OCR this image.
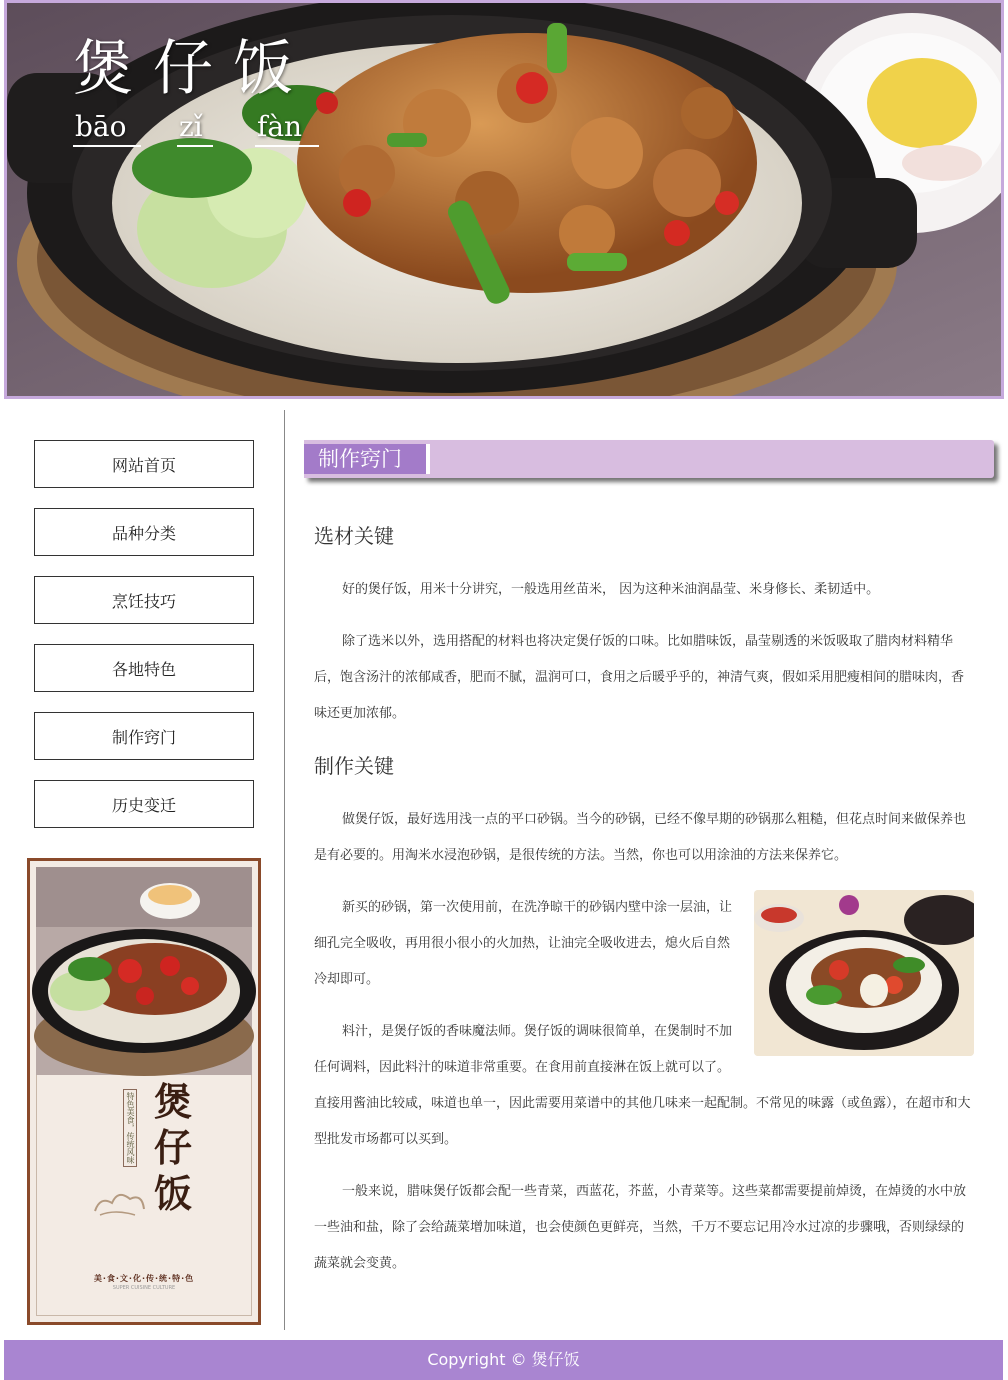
煲仔饭
bāo	zǐ	fàn
网站首页
品种分类
烹饪技巧
各地特色
制作窍门
历史变迁
特色美食，传统风味 煲仔饭
美·食·文·化·传·统·特·色
SUPER CUISINE CULTURE
制作窍门
选材关键

好的煲仔饭，用米十分讲究，一般选用丝苗米， 因为这种米油润晶莹、米身修长、柔韧适中。

除了选米以外，选用搭配的材料也将决定煲仔饭的口味。比如腊味饭，晶莹剔透的米饭吸取了腊肉材料精华后，饱含汤汁的浓郁咸香，肥而不腻，温润可口，食用之后暖乎乎的，神清气爽，假如采用肥瘦相间的腊味肉，香味还更加浓郁。

制作关键

做煲仔饭，最好选用浅一点的平口砂锅。当今的砂锅，已经不像早期的砂锅那么粗糙，但花点时间来做保养也是有必要的。用淘米水浸泡砂锅，是很传统的方法。当然，你也可以用涂油的方法来保养它。

新买的砂锅，第一次使用前，在洗净晾干的砂锅内壁中涂一层油，让细孔完全吸收，再用很小很小的火加热，让油完全吸收进去，熄火后自然冷却即可。

料汁，是煲仔饭的香味魔法师。煲仔饭的调味很简单，在煲制时不加任何调料，因此料汁的味道非常重要。在食用前直接淋在饭上就可以了。直接用酱油比较咸，味道也单一，因此需要用菜谱中的其他几味来一起配制。不常见的味露（或鱼露），在超市和大型批发市场都可以买到。

一般来说，腊味煲仔饭都会配一些青菜，西蓝花，芥蓝，小青菜等。这些菜都需要提前焯烫，在焯烫的水中放一些油和盐，除了会给蔬菜增加味道，也会使颜色更鲜亮，当然，千万不要忘记用冷水过凉的步骤哦，否则绿绿的蔬菜就会变黄。

Copyright © 煲仔饭
